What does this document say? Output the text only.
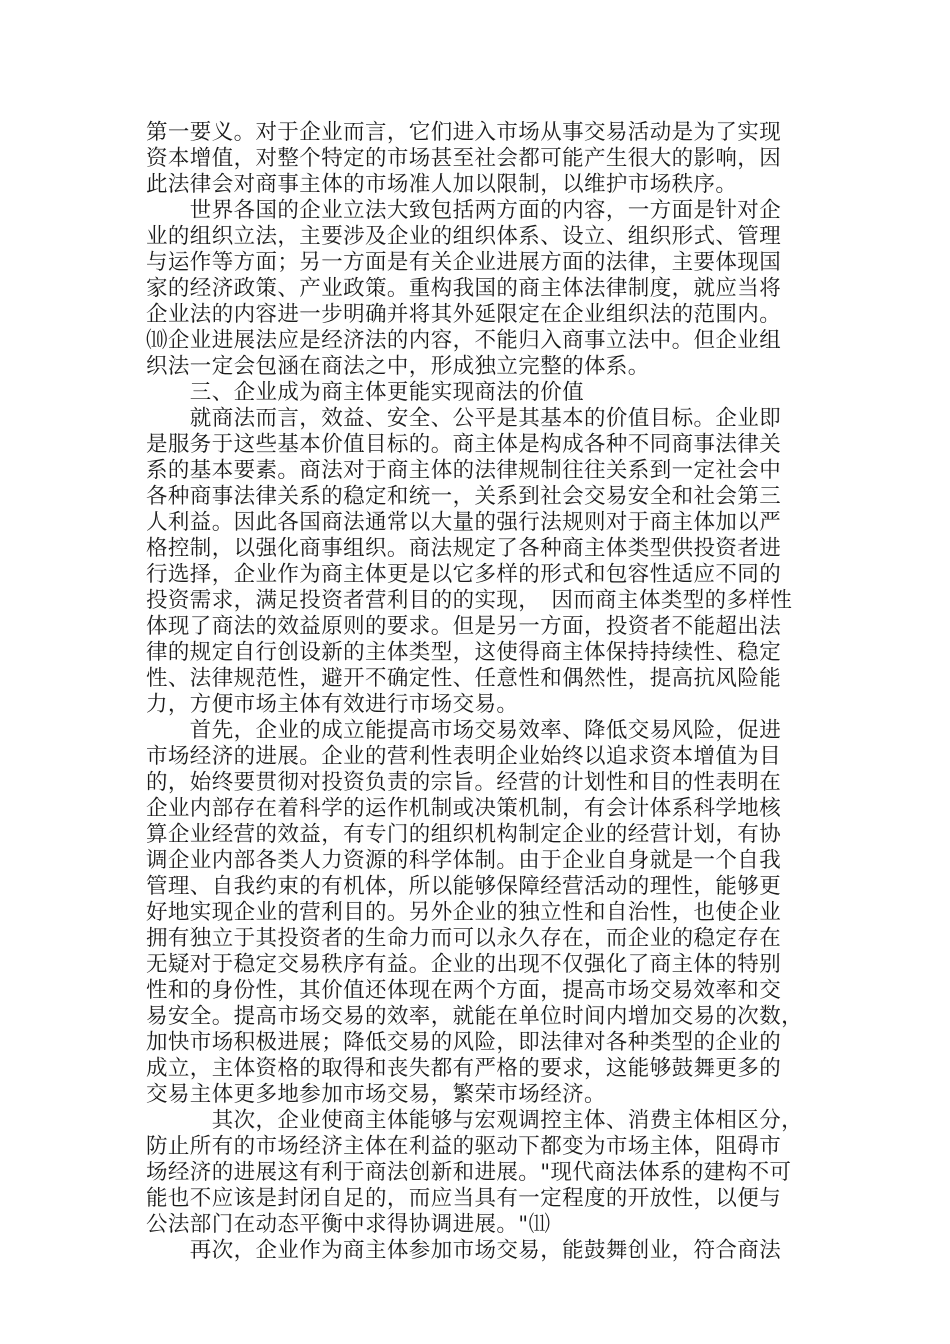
第一要义。对于企业而言，它们进入市场从事交易活动是为了实现

资本增值，对整个特定的市场甚至社会都可能产生很大的影响，因

此法律会对商事主体的市场准人加以限制，以维护市场秩序。

　　世界各国的企业立法大致包括两方面的内容，一方面是针对企

业的组织立法，主要涉及企业的组织体系、设立、组织形式、管理

与运作等方面；另一方面是有关企业进展方面的法律，主要体现国

家的经济政策、产业政策。重构我国的商主体法律制度，就应当将

企业法的内容进一步明确并将其外延限定在企业组织法的范围内。

⑽企业进展法应是经济法的内容，不能归入商事立法中。但企业组

织法一定会包涵在商法之中，形成独立完整的体系。

　　三、企业成为商主体更能实现商法的价值

　　就商法而言，效益、安全、公平是其基本的价值目标。企业即

是服务于这些基本价值目标的。商主体是构成各种不同商事法律关

系的基本要素。商法对于商主体的法律规制往往关系到一定社会中

各种商事法律关系的稳定和统一，关系到社会交易安全和社会第三

人利益。因此各国商法通常以大量的强行法规则对于商主体加以严

格控制，以强化商事组织。商法规定了各种商主体类型供投资者进

行选择，企业作为商主体更是以它多样的形式和包容性适应不同的

投资需求，满足投资者营利目的的实现，　因而商主体类型的多样性

体现了商法的效益原则的要求。但是另一方面，投资者不能超出法

律的规定自行创设新的主体类型，这使得商主体保持持续性、稳定

性、法律规范性，避开不确定性、任意性和偶然性，提高抗风险能

力，方便市场主体有效进行市场交易。

　　首先，企业的成立能提高市场交易效率、降低交易风险，促进

市场经济的进展。企业的营利性表明企业始终以追求资本增值为目

的，始终要贯彻对投资负责的宗旨。经营的计划性和目的性表明在

企业内部存在着科学的运作机制或决策机制，有会计体系科学地核

算企业经营的效益，有专门的组织机构制定企业的经营计划，有协

调企业内部各类人力资源的科学体制。由于企业自身就是一个自我

管理、自我约束的有机体，所以能够保障经营活动的理性，能够更

好地实现企业的营利目的。另外企业的独立性和自治性，也使企业

拥有独立于其投资者的生命力而可以永久存在，而企业的稳定存在

无疑对于稳定交易秩序有益。企业的出现不仅强化了商主体的特别

性和的身份性，其价值还体现在两个方面，提高市场交易效率和交

易安全。提高市场交易的效率，就能在单位时间内增加交易的次数，

加快市场积极进展；降低交易的风险，即法律对各种类型的企业的

成立，主体资格的取得和丧失都有严格的要求，这能够鼓舞更多的

交易主体更多地参加市场交易，繁荣市场经济。

　　　其次，企业使商主体能够与宏观调控主体、消费主体相区分，

防止所有的市场经济主体在利益的驱动下都变为市场主体，阻碍市

场经济的进展这有利于商法创新和进展。"现代商法体系的建构不可

能也不应该是封闭自足的，而应当具有一定程度的开放性，以便与

公法部门在动态平衡中求得协调进展。"⑾

　　再次，企业作为商主体参加市场交易，能鼓舞创业，符合商法
